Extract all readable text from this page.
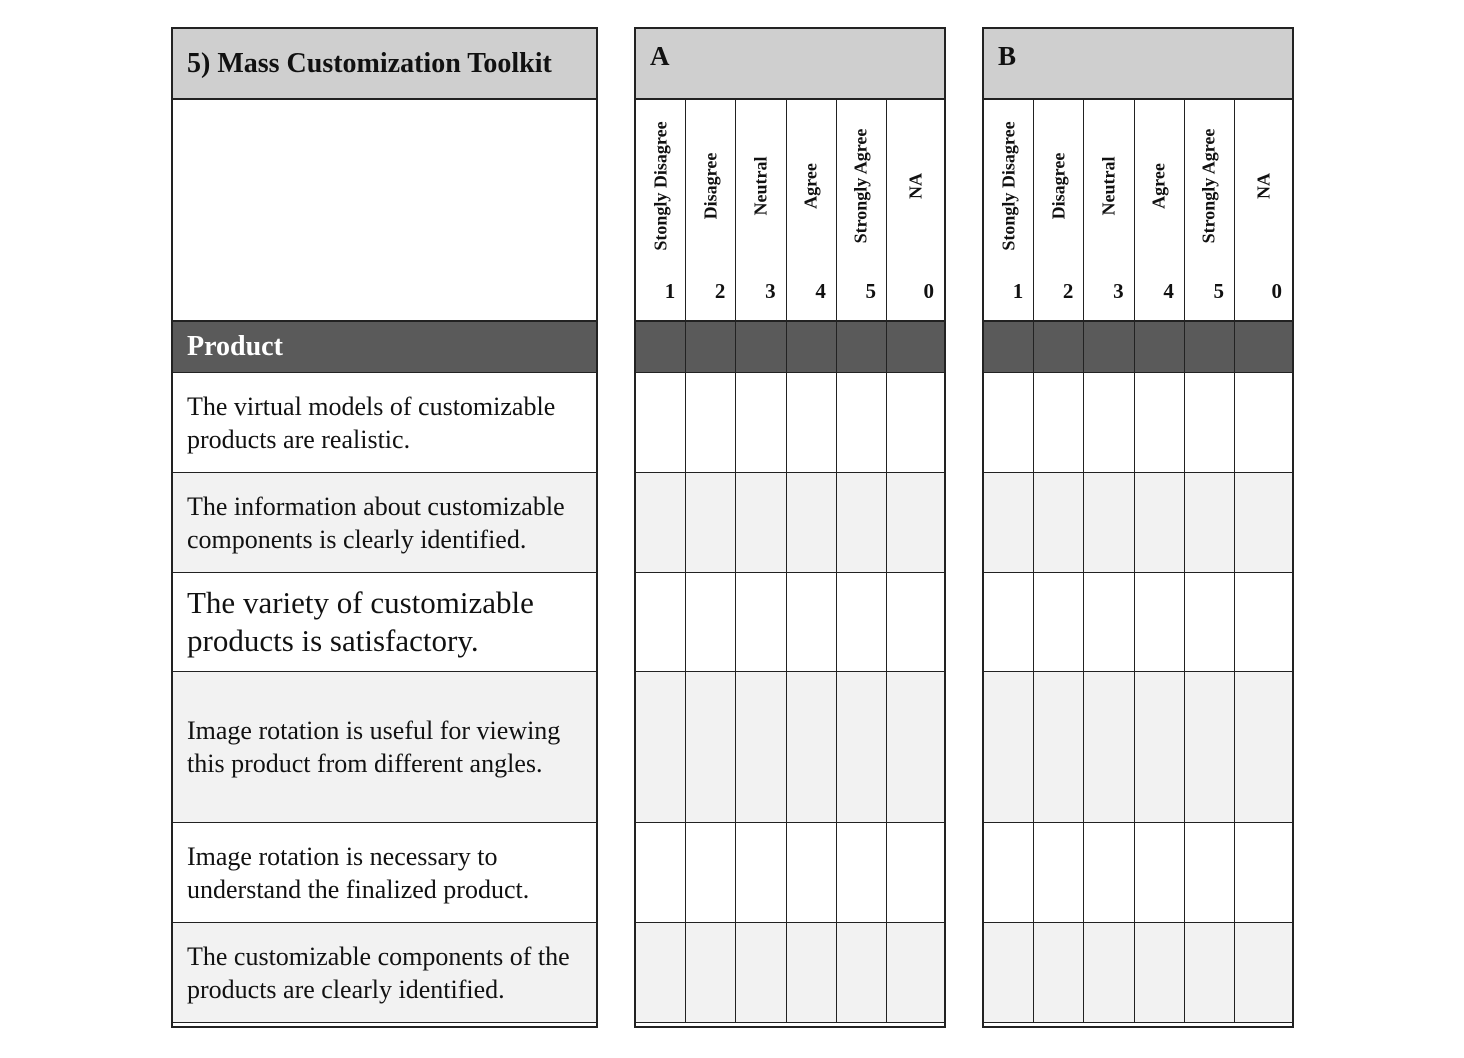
5) Mass Customization Toolkit
Product
The virtual models of customizable products are realistic.
The information about customizable components is clearly identified.
The variety of customizable products is satisfactory.
Image rotation is useful for viewing this product from different angles.
Image rotation is necessary to understand the finalized product.
The customizable components of the products are clearly identified.
A
Stongly Disagree
1
Disagree
2
Neutral
3
Agree
4
Strongly Agree
5
NA
0
B
Stongly Disagree
1
Disagree
2
Neutral
3
Agree
4
Strongly Agree
5
NA
0
